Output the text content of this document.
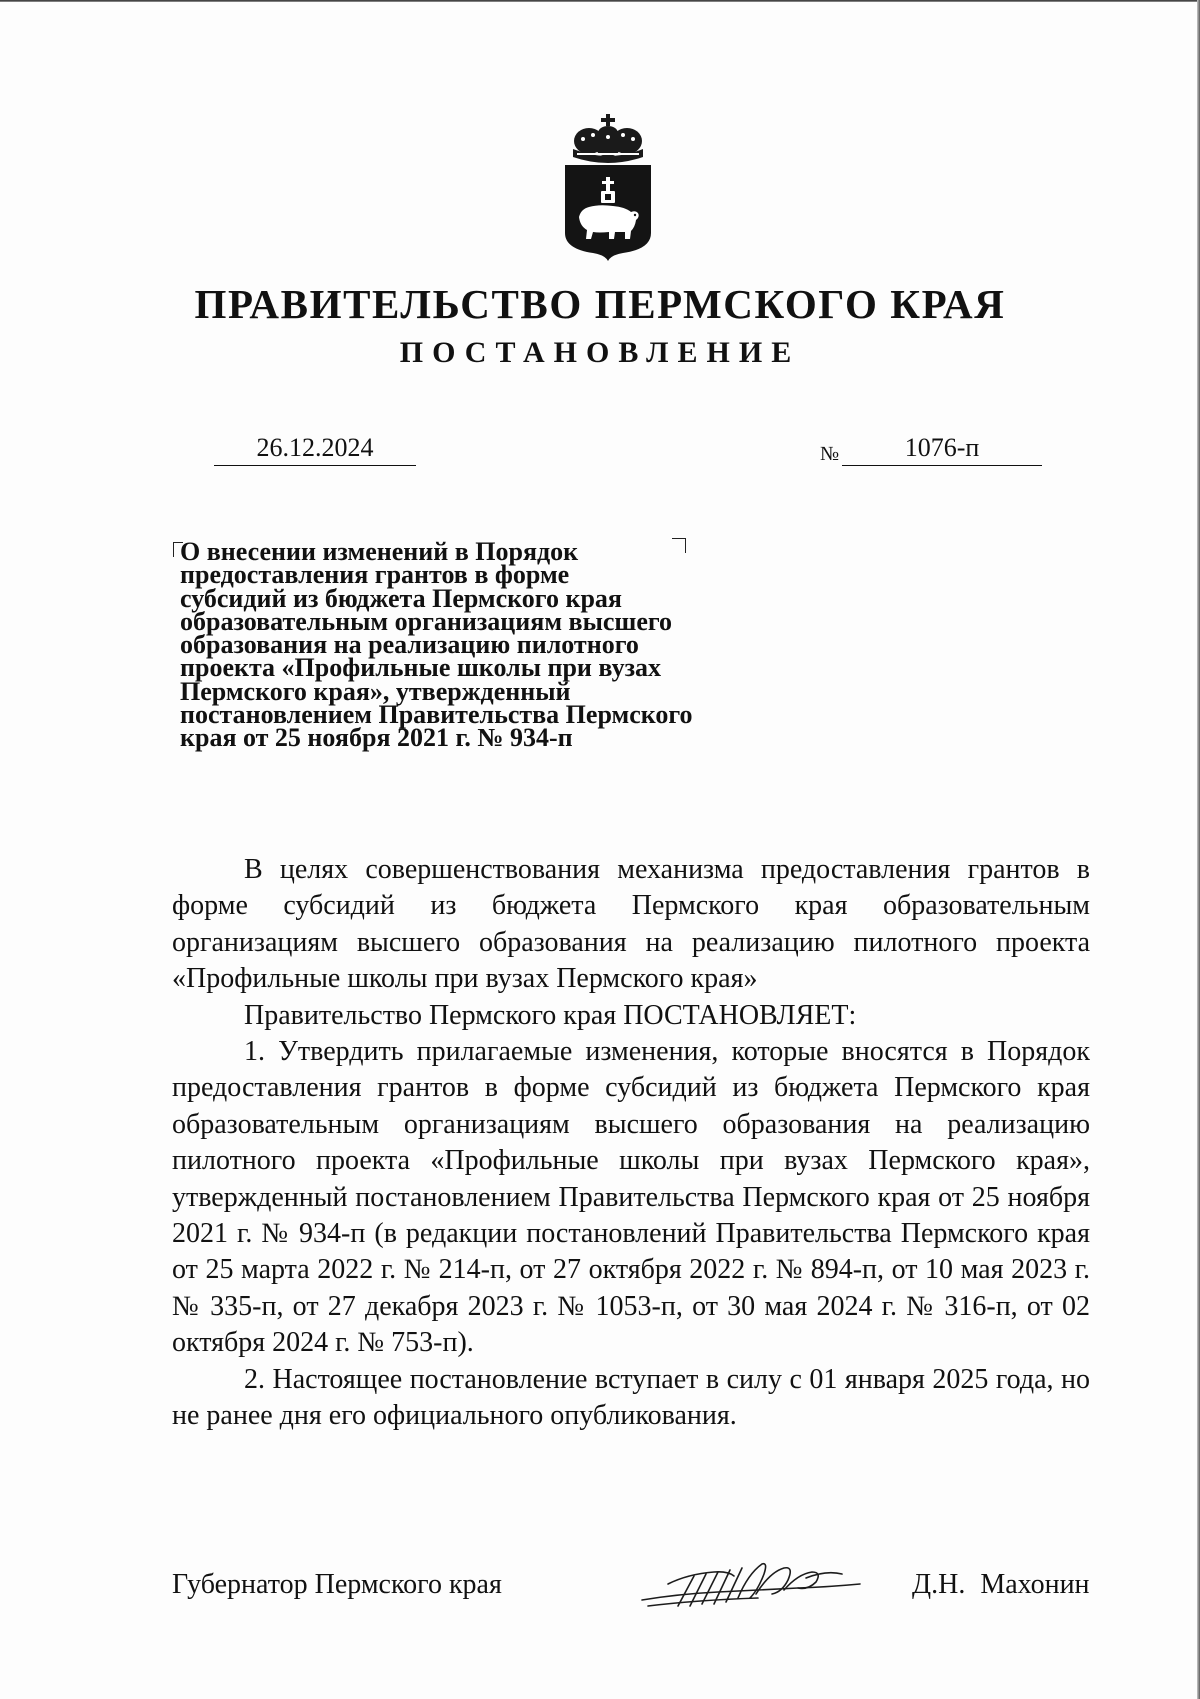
ПРАВИТЕЛЬСТВО ПЕРМСКОГО КРАЯ
ПОСТАНОВЛЕНИЕ
26.12.2024	№	1076-п
О внесении изменений в Порядок
предоставления грантов в форме
субсидий из бюджета Пермского края
образовательным организациям высшего
образования на реализацию пилотного
проекта «Профильные школы при вузах
Пермского края», утвержденный
постановлением Правительства Пермского
края от 25 ноября 2021 г. № 934-п

В целях совершенствования механизма предоставления грантов в форме субсидий из бюджета Пермского края образовательным организациям высшего образования на реализацию пилотного проекта «Профильные школы при вузах Пермского края»

Правительство Пермского края ПОСТАНОВЛЯЕТ:

1. Утвердить прилагаемые изменения, которые вносятся в Порядок предоставления грантов в форме субсидий из бюджета Пермского края образовательным организациям высшего образования на реализацию пилотного проекта «Профильные школы при вузах Пермского края», утвержденный постановлением Правительства Пермского края от 25 ноября 2021 г. № 934-п (в редакции постановлений Правительства Пермского края от 25 марта 2022 г. № 214-п, от 27 октября 2022 г. № 894-п, от 10 мая 2023 г. № 335-п, от 27 декабря 2023 г. № 1053-п, от 30 мая 2024 г. № 316-п, от 02 октября 2024 г. № 753-п).

2. Настоящее постановление вступает в силу с 01 января 2025 года, но не ранее дня его официального опубликования.

Губернатор Пермского края	Д.Н. Махонин
